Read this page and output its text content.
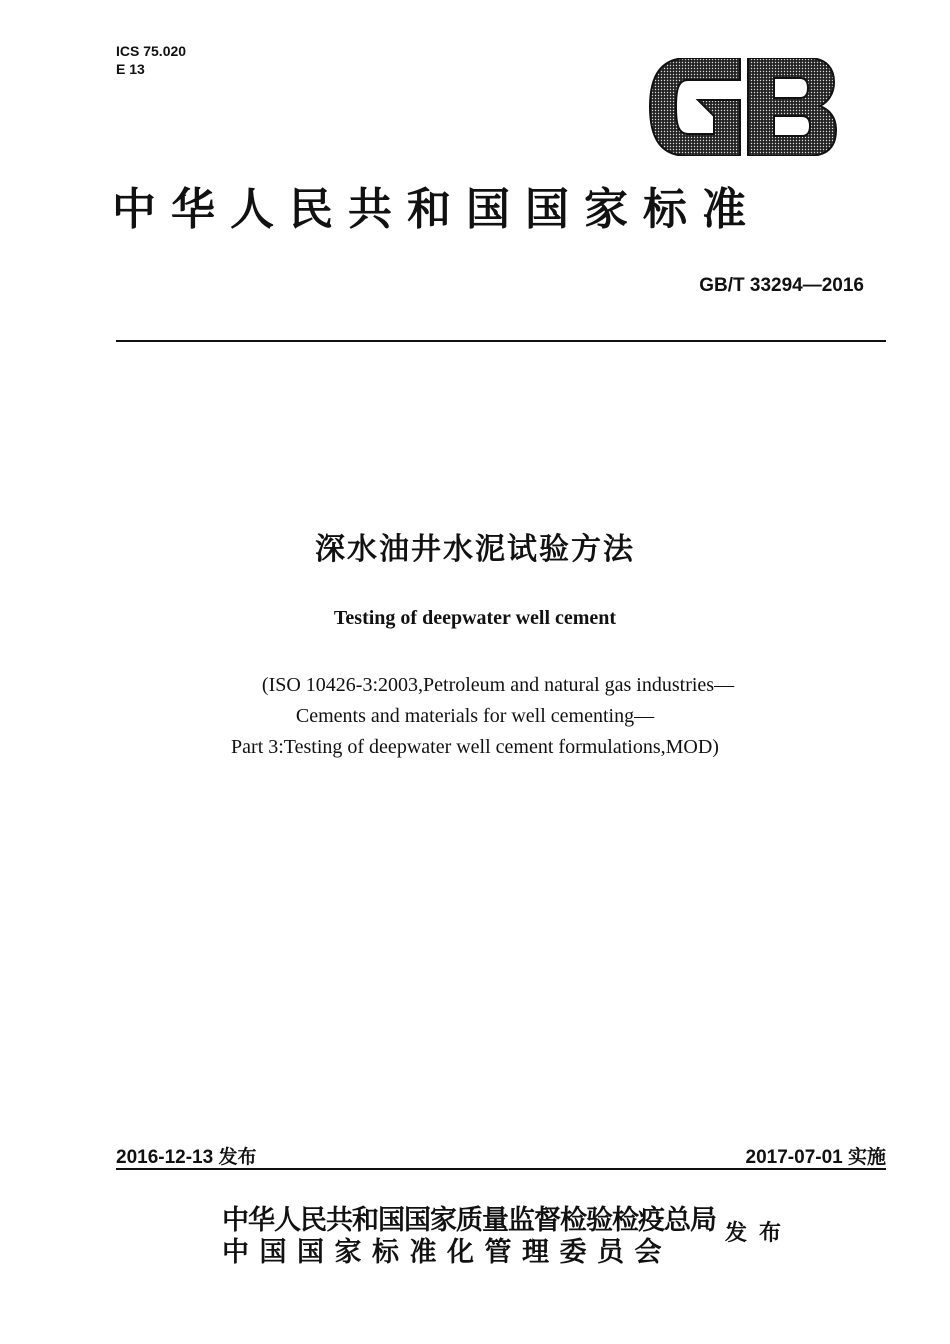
ICS 75.020
E 13
中华人民共和国国家标准
GB/T 33294—2016
深水油井水泥试验方法
Testing of deepwater well cement
(ISO 10426-3:2003,Petroleum and natural gas industries—
Cements and materials for well cementing—
Part 3:Testing of deepwater well cement formulations,MOD)
2016-12-13 发布	2017-07-01 实施
中华人民共和国国家质量监督检验检疫总局
中国国家标准化管理委员会
发布
